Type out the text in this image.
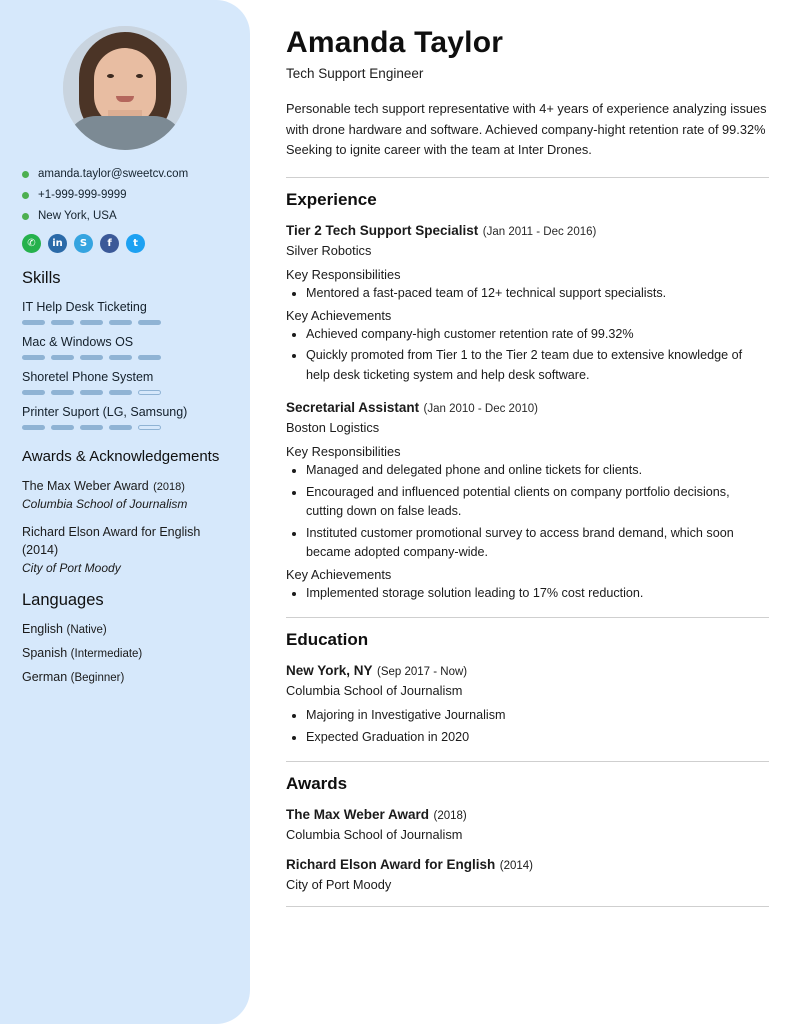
amanda.taylor@sweetcv.com
+1-999-999-9999
New York, USA
✆	in	S	f	t
Skills
IT Help Desk Ticketing
Mac & Windows OS
Shoretel Phone System
Printer Suport (LG, Samsung)
Awards & Acknowledgements
The Max Weber Award (2018)
Columbia School of Journalism
Richard Elson Award for English (2014)
City of Port Moody
Languages
English (Native)
Spanish (Intermediate)
German (Beginner)
Amanda Taylor
Tech Support Engineer
Personable tech support representative with 4+ years of experience analyzing issues with drone hardware and software. Achieved company-hight retention rate of 99.32% Seeking to ignite career with the team at Inter Drones.
Experience
Tier 2 Tech Support Specialist (Jan 2011 - Dec 2016)
Silver Robotics
Key Responsibilities
• Mentored a fast-paced team of 12+ technical support specialists.
Key Achievements
• Achieved company-high customer retention rate of 99.32%
• Quickly promoted from Tier 1 to the Tier 2 team due to extensive knowledge of help desk ticketing system and help desk software.
Secretarial Assistant (Jan 2010 - Dec 2010)
Boston Logistics
Key Responsibilities
• Managed and delegated phone and online tickets for clients.
• Encouraged and influenced potential clients on company portfolio decisions, cutting down on false leads.
• Instituted customer promotional survey to access brand demand, which soon became adopted company-wide.
Key Achievements
• Implemented storage solution leading to 17% cost reduction.
Education
New York, NY (Sep 2017 - Now)
Columbia School of Journalism
• Majoring in Investigative Journalism
• Expected Graduation in 2020
Awards
The Max Weber Award (2018)
Columbia School of Journalism
Richard Elson Award for English (2014)
City of Port Moody
